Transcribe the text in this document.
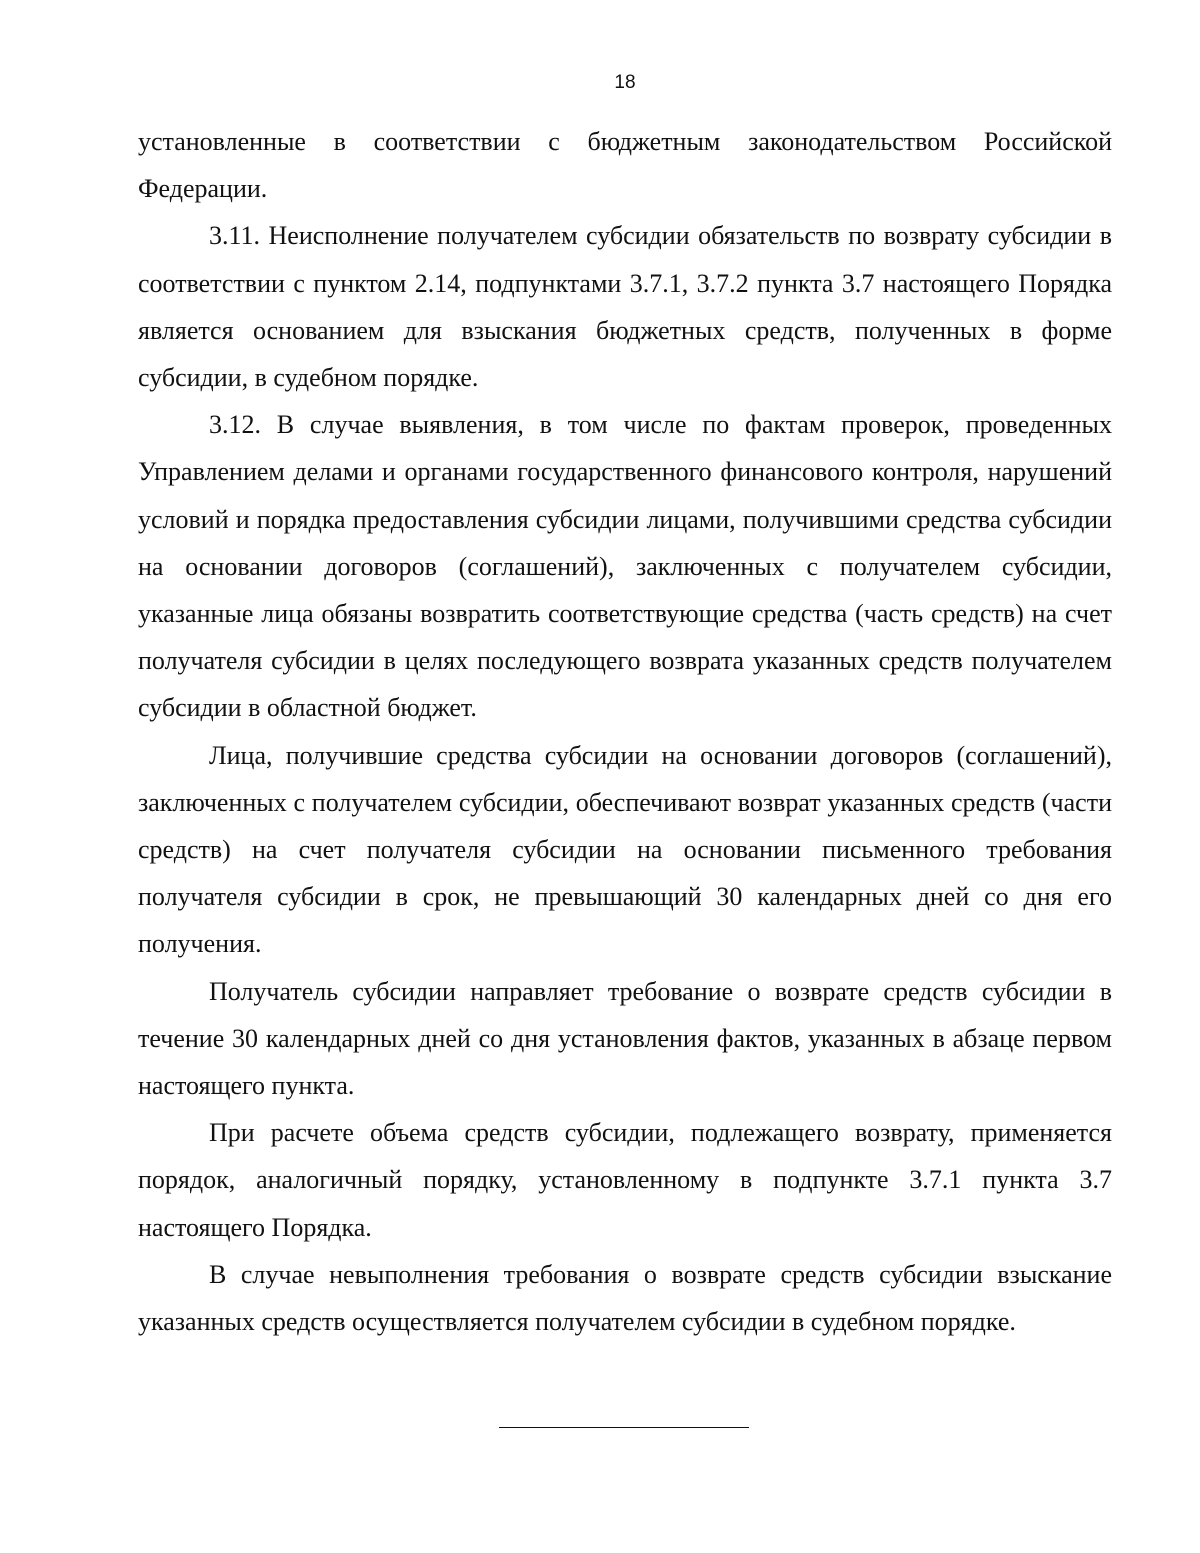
18

установленные в соответствии с бюджетным законодательством Российской Федерации.

3.11. Неисполнение получателем субсидии обязательств по возврату субсидии в соответствии с пунктом 2.14, подпунктами 3.7.1, 3.7.2 пункта 3.7 настоящего Порядка является основанием для взыскания бюджетных средств, полученных в форме субсидии, в судебном порядке.

3.12. В случае выявления, в том числе по фактам проверок, проведенных Управлением делами и органами государственного финансового контроля, нарушений условий и порядка предоставления субсидии лицами, получившими средства субсидии на основании договоров (соглашений), заключенных с получателем субсидии, указанные лица обязаны возвратить соответствующие средства (часть средств) на счет получателя субсидии в целях последующего возврата указанных средств получателем субсидии в областной бюджет.

Лица, получившие средства субсидии на основании договоров (соглашений), заключенных с получателем субсидии, обеспечивают возврат указанных средств (части средств) на счет получателя субсидии на основании письменного требования получателя субсидии в срок, не превышающий 30 календарных дней со дня его получения.

Получатель субсидии направляет требование о возврате средств субсидии в течение 30 календарных дней со дня установления фактов, указанных в абзаце первом настоящего пункта.

При расчете объема средств субсидии, подлежащего возврату, применяется порядок, аналогичный порядку, установленному в подпункте 3.7.1 пункта 3.7 настоящего Порядка.

В случае невыполнения требования о возврате средств субсидии взыскание указанных средств осуществляется получателем субсидии в судебном порядке.
